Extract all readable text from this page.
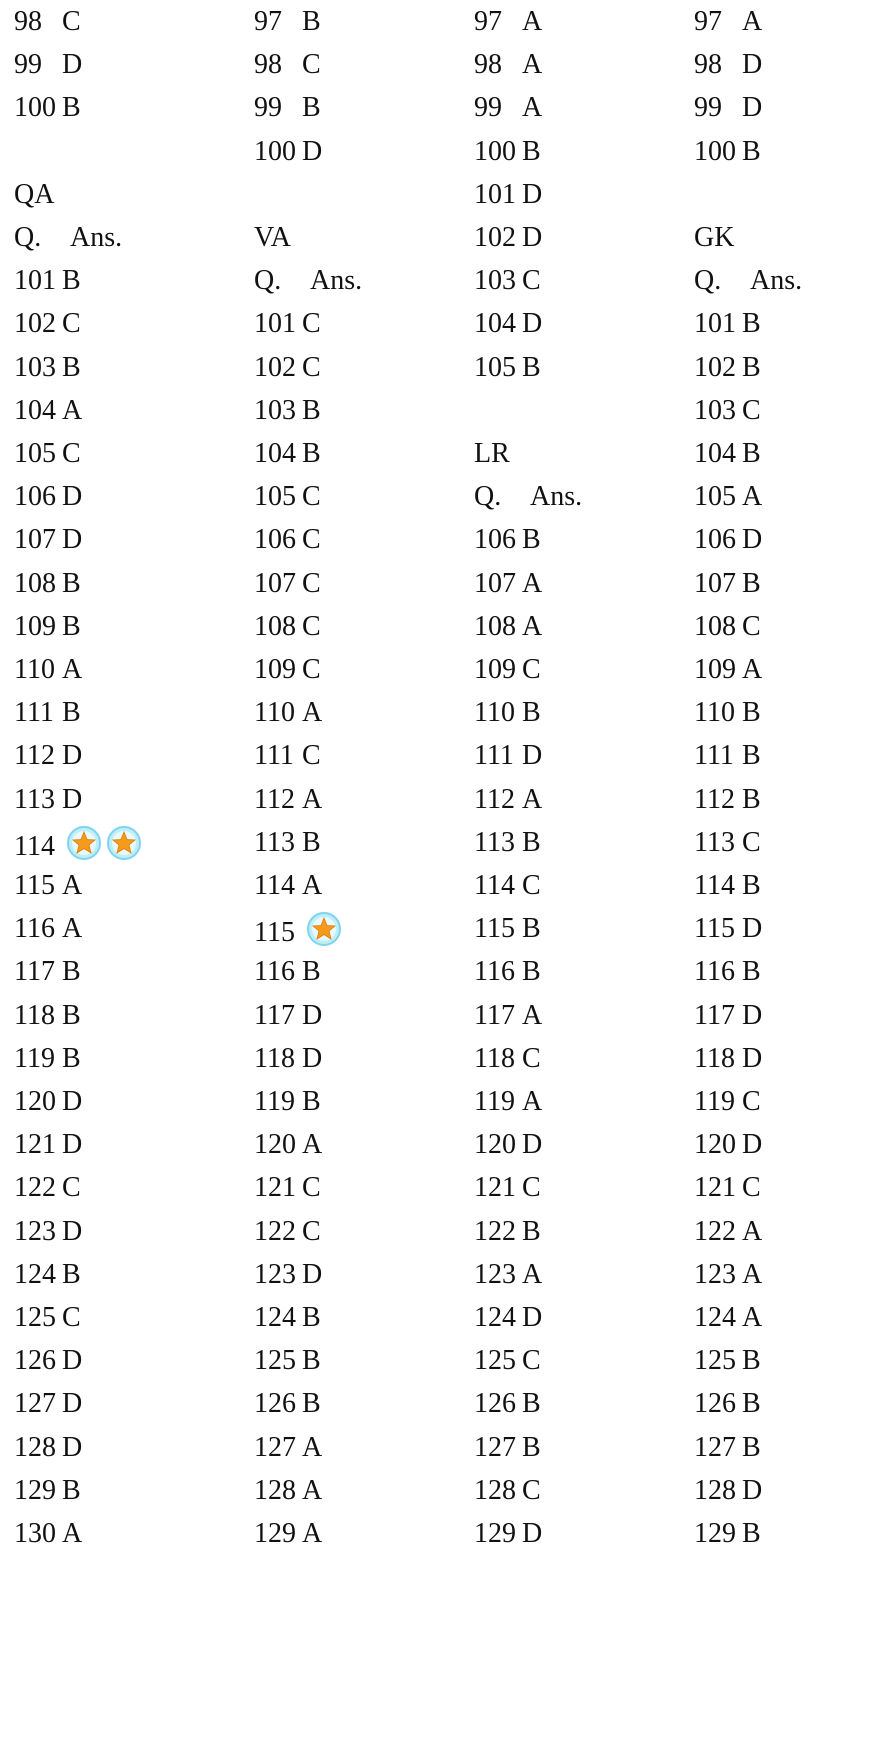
98 C
99 D
100 B
QA
Q. Ans.
101 B
102 C
103 B
104 A
105 C
106 D
107 D
108 B
109 B
110 A
111 B
112 D
113 D
114
115 A
116 A
117 B
118 B
119 B
120 D
121 D
122 C
123 D
124 B
125 C
126 D
127 D
128 D
129 B
130 A
97 B
98 C
99 B
100 D
VA
Q. Ans.
101 C
102 C
103 B
104 B
105 C
106 C
107 C
108 C
109 C
110 A
111 C
112 A
113 B
114 A
115
116 B
117 D
118 D
119 B
120 A
121 C
122 C
123 D
124 B
125 B
126 B
127 A
128 A
129 A
97 A
98 A
99 A
100 B
101 D
102 D
103 C
104 D
105 B
LR
Q. Ans.
106 B
107 A
108 A
109 C
110 B
111 D
112 A
113 B
114 C
115 B
116 B
117 A
118 C
119 A
120 D
121 C
122 B
123 A
124 D
125 C
126 B
127 B
128 C
129 D
97 A
98 D
99 D
100 B
GK
Q. Ans.
101 B
102 B
103 C
104 B
105 A
106 D
107 B
108 C
109 A
110 B
111 B
112 B
113 C
114 B
115 D
116 B
117 D
118 D
119 C
120 D
121 C
122 A
123 A
124 A
125 B
126 B
127 B
128 D
129 B
